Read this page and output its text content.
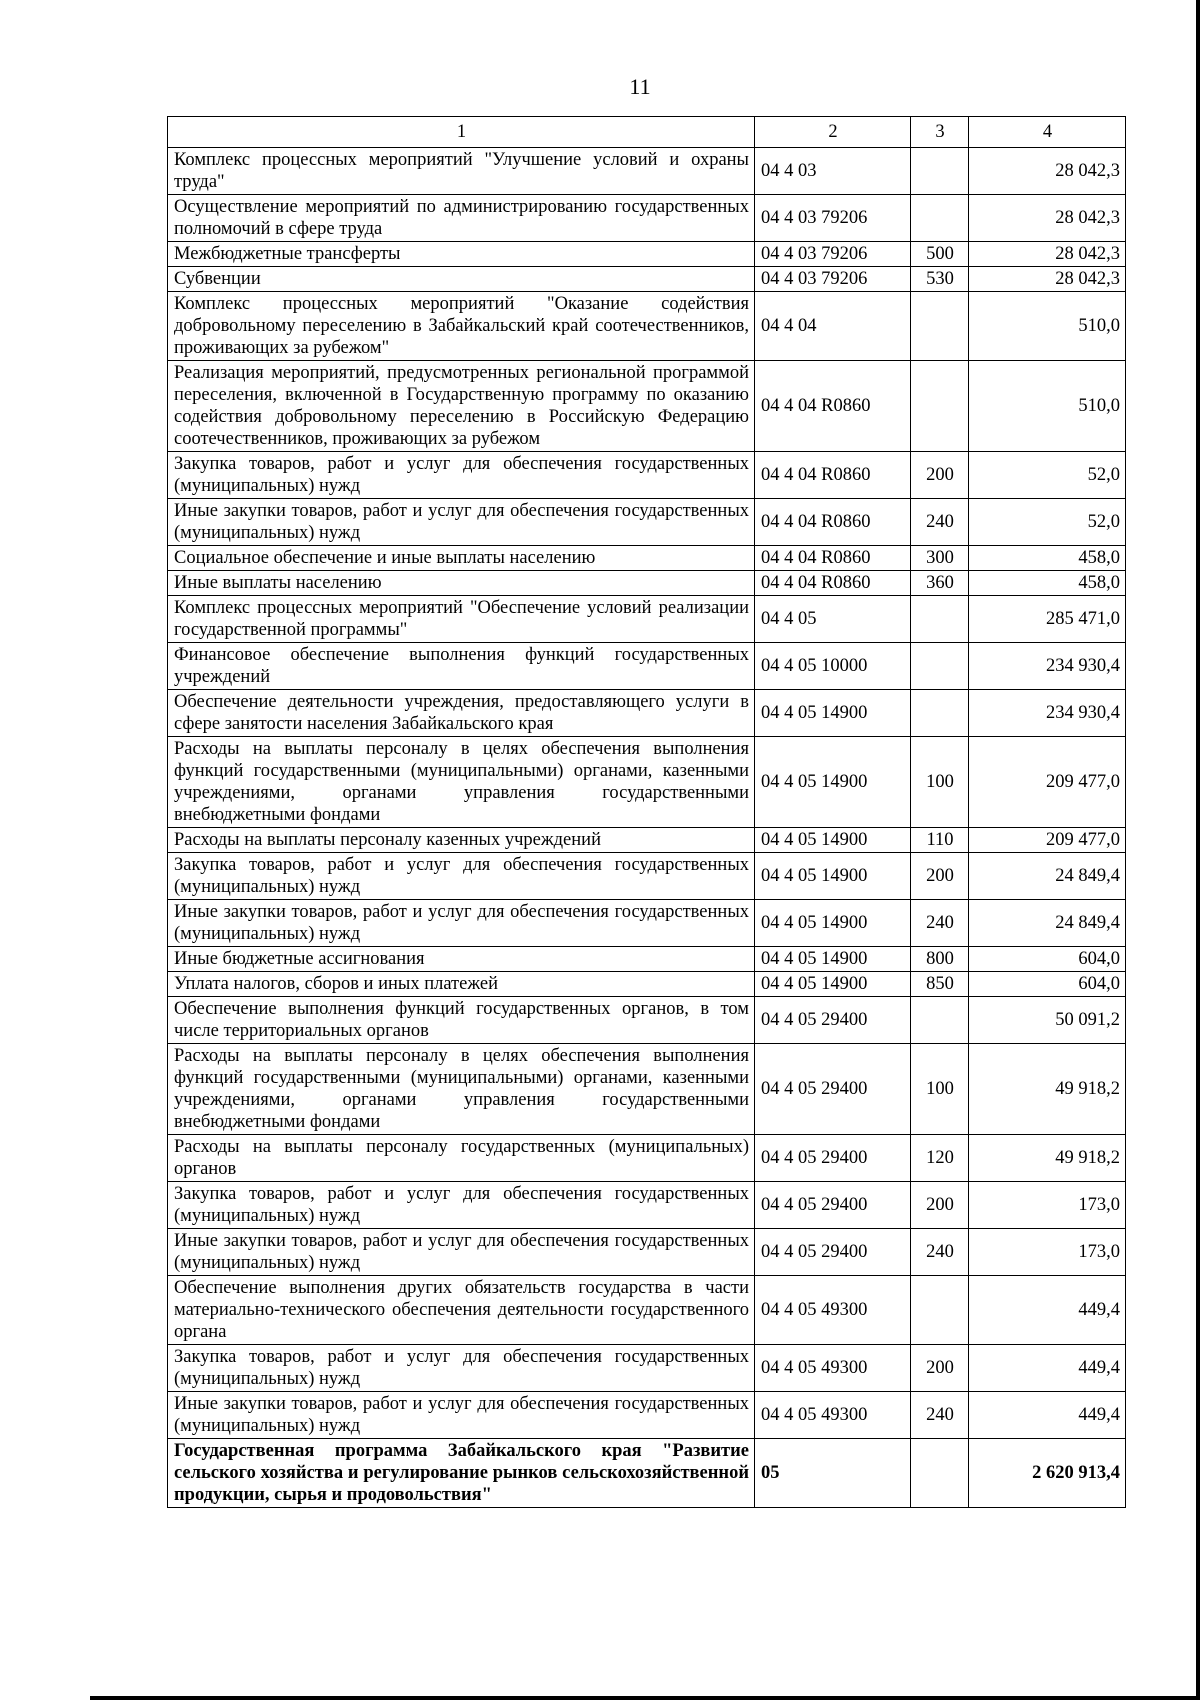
11
1	2	3	4
Комплекс процессных мероприятий "Улучшение условий и охраны труда"	04 4 03		28 042,3
Осуществление мероприятий по администрированию государственных полномочий в сфере труда	04 4 03 79206		28 042,3
Межбюджетные трансферты	04 4 03 79206	500	28 042,3
Субвенции	04 4 03 79206	530	28 042,3
Комплекс процессных мероприятий "Оказание содействия добровольному переселению в Забайкальский край соотечественников, проживающих за рубежом"	04 4 04		510,0
Реализация мероприятий, предусмотренных региональной программой переселения, включенной в Государственную программу по оказанию содействия добровольному переселению в Российскую Федерацию соотечественников, проживающих за рубежом	04 4 04 R0860		510,0
Закупка товаров, работ и услуг для обеспечения государственных (муниципальных) нужд	04 4 04 R0860	200	52,0
Иные закупки товаров, работ и услуг для обеспечения государственных (муниципальных) нужд	04 4 04 R0860	240	52,0
Социальное обеспечение и иные выплаты населению	04 4 04 R0860	300	458,0
Иные выплаты населению	04 4 04 R0860	360	458,0
Комплекс процессных мероприятий "Обеспечение условий реализации государственной программы"	04 4 05		285 471,0
Финансовое обеспечение выполнения функций государственных учреждений	04 4 05 10000		234 930,4
Обеспечение деятельности учреждения, предоставляющего услуги в сфере занятости населения Забайкальского края	04 4 05 14900		234 930,4
Расходы на выплаты персоналу в целях обеспечения выполнения функций государственными (муниципальными) органами, казенными учреждениями, органами управления государственными внебюджетными фондами	04 4 05 14900	100	209 477,0
Расходы на выплаты персоналу казенных учреждений	04 4 05 14900	110	209 477,0
Закупка товаров, работ и услуг для обеспечения государственных (муниципальных) нужд	04 4 05 14900	200	24 849,4
Иные закупки товаров, работ и услуг для обеспечения государственных (муниципальных) нужд	04 4 05 14900	240	24 849,4
Иные бюджетные ассигнования	04 4 05 14900	800	604,0
Уплата налогов, сборов и иных платежей	04 4 05 14900	850	604,0
Обеспечение выполнения функций государственных органов, в том числе территориальных органов	04 4 05 29400		50 091,2
Расходы на выплаты персоналу в целях обеспечения выполнения функций государственными (муниципальными) органами, казенными учреждениями, органами управления государственными внебюджетными фондами	04 4 05 29400	100	49 918,2
Расходы на выплаты персоналу государственных (муниципальных) органов	04 4 05 29400	120	49 918,2
Закупка товаров, работ и услуг для обеспечения государственных (муниципальных) нужд	04 4 05 29400	200	173,0
Иные закупки товаров, работ и услуг для обеспечения государственных (муниципальных) нужд	04 4 05 29400	240	173,0
Обеспечение выполнения других обязательств государства в части материально-технического обеспечения деятельности государственного органа	04 4 05 49300		449,4
Закупка товаров, работ и услуг для обеспечения государственных (муниципальных) нужд	04 4 05 49300	200	449,4
Иные закупки товаров, работ и услуг для обеспечения государственных (муниципальных) нужд	04 4 05 49300	240	449,4
Государственная программа Забайкальского края "Развитие сельского хозяйства и регулирование рынков сельскохозяйственной продукции, сырья и продовольствия"	05		2 620 913,4
